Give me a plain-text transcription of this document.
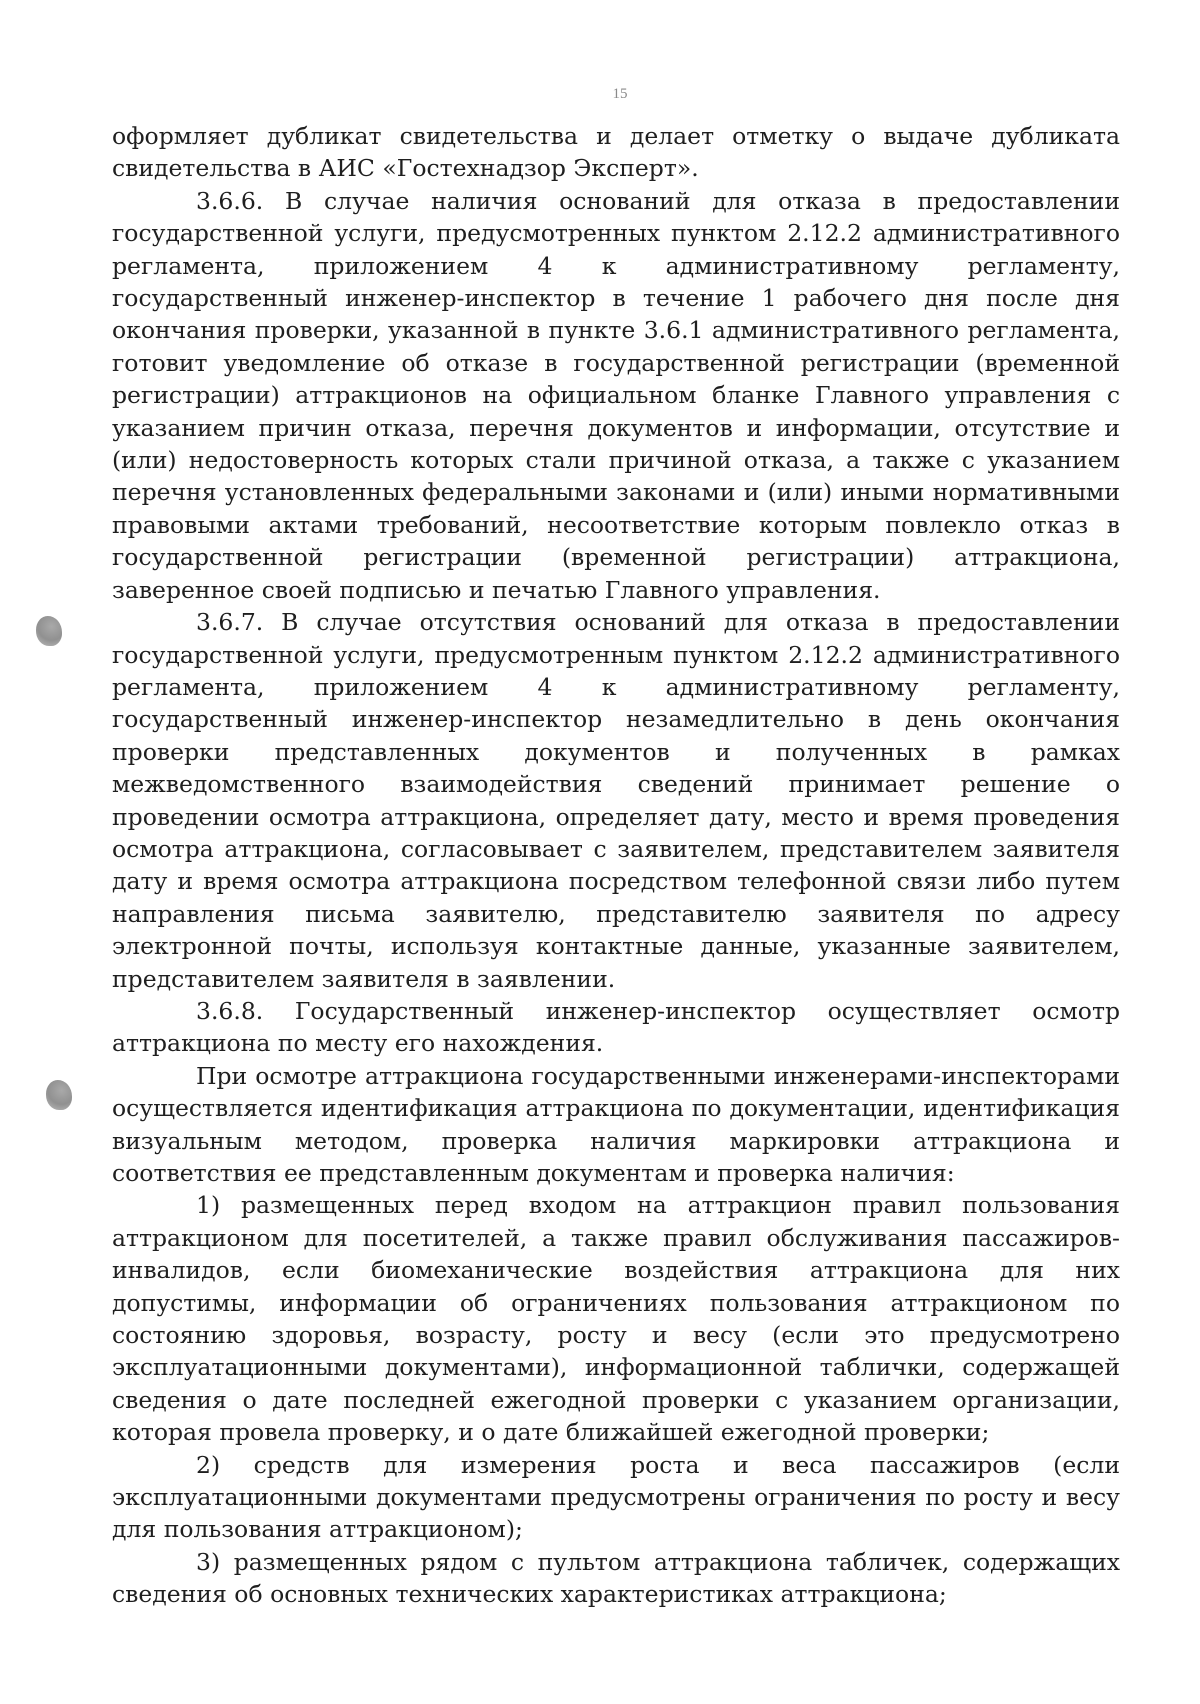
15

оформляет дубликат свидетельства и делает отметку о выдаче дубликата свидетельства в АИС «Гостехнадзор Эксперт».

3.6.6. В случае наличия оснований для отказа в предоставлении государственной услуги, предусмотренных пунктом 2.12.2 административного регламента, приложением 4 к административному регламенту, государственный инженер-инспектор в течение 1 рабочего дня после дня окончания проверки, указанной в пункте 3.6.1 административного регламента, готовит уведомление об отказе в государственной регистрации (временной регистрации) аттракционов на официальном бланке Главного управления с указанием причин отказа, перечня документов и информации, отсутствие и (или) недостоверность которых стали причиной отказа, а также с указанием перечня установленных федеральными законами и (или) иными нормативными правовыми актами требований, несоответствие которым повлекло отказ в государственной регистрации (временной регистрации) аттракциона, заверенное своей подписью и печатью Главного управления.

3.6.7. В случае отсутствия оснований для отказа в предоставлении государственной услуги, предусмотренным пунктом 2.12.2 административного регламента, приложением 4 к административному регламенту, государственный инженер-инспектор незамедлительно в день окончания проверки представленных документов и полученных в рамках межведомственного взаимодействия сведений принимает решение о проведении осмотра аттракциона, определяет дату, место и время проведения осмотра аттракциона, согласовывает с заявителем, представителем заявителя дату и время осмотра аттракциона посредством телефонной связи либо путем направления письма заявителю, представителю заявителя по адресу электронной почты, используя контактные данные, указанные заявителем, представителем заявителя в заявлении.

3.6.8. Государственный инженер-инспектор осуществляет осмотр аттракциона по месту его нахождения.

При осмотре аттракциона государственными инженерами-инспекторами осуществляется идентификация аттракциона по документации, идентификация визуальным методом, проверка наличия маркировки аттракциона и соответствия ее представленным документам и проверка наличия:

1) размещенных перед входом на аттракцион правил пользования аттракционом для посетителей, а также правил обслуживания пассажиров-инвалидов, если биомеханические воздействия аттракциона для них допустимы, информации об ограничениях пользования аттракционом по состоянию здоровья, возрасту, росту и весу (если это предусмотрено эксплуатационными документами), информационной таблички, содержащей сведения о дате последней ежегодной проверки с указанием организации, которая провела проверку, и о дате ближайшей ежегодной проверки;

2) средств для измерения роста и веса пассажиров (если эксплуатационными документами предусмотрены ограничения по росту и весу для пользования аттракционом);

3) размещенных рядом с пультом аттракциона табличек, содержащих сведения об основных технических характеристиках аттракциона;
